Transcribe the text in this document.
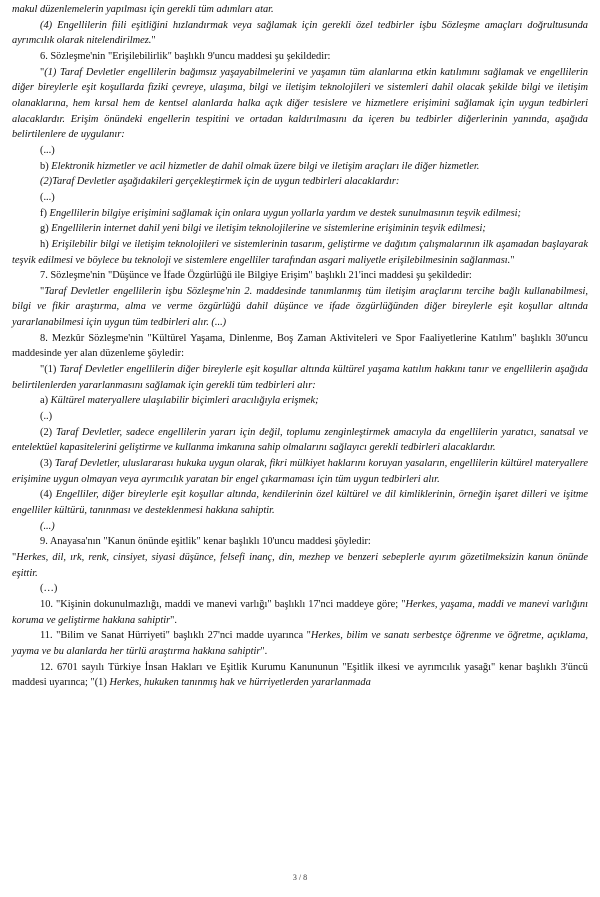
makul düzenlemelerin yapılması için gerekli tüm adımları atar.

(4) Engellilerin fiili eşitliğini hızlandırmak veya sağlamak için gerekli özel tedbirler işbu Sözleşme amaçları doğrultusunda ayrımcılık olarak nitelendirilmez."

6. Sözleşme'nin "Erişilebilirlik" başlıklı 9'uncu maddesi şu şekildedir:

"(1) Taraf Devletler engellilerin bağımsız yaşayabilmelerini ve yaşamın tüm alanlarına etkin katılımını sağlamak ve engellilerin diğer bireylerle eşit koşullarda fiziki çevreye, ulaşıma, bilgi ve iletişim teknolojileri ve sistemleri dahil olacak şekilde bilgi ve iletişim olanaklarına, hem kırsal hem de kentsel alanlarda halka açık diğer tesislere ve hizmetlere erişimini sağlamak için uygun tedbirleri alacaklardır. Erişim önündeki engellerin tespitini ve ortadan kaldırılmasını da içeren bu tedbirler diğerlerinin yanında, aşağıda belirtilenlere de uygulanır:

(...)

b) Elektronik hizmetler ve acil hizmetler de dahil olmak üzere bilgi ve iletişim araçları ile diğer hizmetler.

(2)Taraf Devletler aşağıdakileri gerçekleştirmek için de uygun tedbirleri alacaklardır:

(...)

f) Engellilerin bilgiye erişimini sağlamak için onlara uygun yollarla yardım ve destek sunulmasının teşvik edilmesi;

g) Engellilerin internet dahil yeni bilgi ve iletişim teknolojilerine ve sistemlerine erişiminin teşvik edilmesi;

h) Erişilebilir bilgi ve iletişim teknolojileri ve sistemlerinin tasarım, geliştirme ve dağıtım çalışmalarının ilk aşamadan başlayarak teşvik edilmesi ve böylece bu teknoloji ve sistemlere engelliler tarafından asgari maliyetle erişilebilmesinin sağlanması."

7. Sözleşme'nin "Düşünce ve İfade Özgürlüğü ile Bilgiye Erişim" başlıklı 21'inci maddesi şu şekildedir:

"Taraf Devletler engellilerin işbu Sözleşme'nin 2. maddesinde tanımlanmış tüm iletişim araçlarını tercihe bağlı kullanabilmesi, bilgi ve fikir araştırma, alma ve verme özgürlüğü dahil düşünce ve ifade özgürlüğünden diğer bireylerle eşit koşullar altında yararlanabilmesi için uygun tüm tedbirleri alır. (...)

8. Mezkûr Sözleşme'nin "Kültürel Yaşama, Dinlenme, Boş Zaman Aktiviteleri ve Spor Faaliyetlerine Katılım" başlıklı 30'uncu maddesinde yer alan düzenleme şöyledir:

"(1) Taraf Devletler engellilerin diğer bireylerle eşit koşullar altında kültürel yaşama katılım hakkını tanır ve engellilerin aşağıda belirtilenlerden yararlanmasını sağlamak için gerekli tüm tedbirleri alır:

a) Kültürel materyallere ulaşılabilir biçimleri aracılığıyla erişmek;

(..)

(2) Taraf Devletler, sadece engellilerin yararı için değil, toplumu zenginleştirmek amacıyla da engellilerin yaratıcı, sanatsal ve entelektüel kapasitelerini geliştirme ve kullanma imkanına sahip olmalarını sağlayıcı gerekli tedbirleri alacaklardır.

(3) Taraf Devletler, uluslararası hukuka uygun olarak, fikri mülkiyet haklarını koruyan yasaların, engellilerin kültürel materyallere erişimine uygun olmayan veya ayrımcılık yaratan bir engel çıkarmaması için tüm uygun tedbirleri alır.

(4) Engelliler, diğer bireylerle eşit koşullar altında, kendilerinin özel kültürel ve dil kimliklerinin, örneğin işaret dilleri ve işitme engelliler kültürü, tanınması ve desteklenmesi hakkına sahiptir.

(...)

9. Anayasa'nın "Kanun önünde eşitlik" kenar başlıklı 10'uncu maddesi şöyledir:

"Herkes, dil, ırk, renk, cinsiyet, siyasi düşünce, felsefi inanç, din, mezhep ve benzeri sebeplerle ayırım gözetilmeksizin kanun önünde eşittir.

(…)

10. "Kişinin dokunulmazlığı, maddi ve manevi varlığı" başlıklı 17'nci maddeye göre; "Herkes, yaşama, maddi ve manevi varlığını koruma ve geliştirme hakkına sahiptir".

11. "Bilim ve Sanat Hürriyeti" başlıklı 27'nci madde uyarınca "Herkes, bilim ve sanatı serbestçe öğrenme ve öğretme, açıklama, yayma ve bu alanlarda her türlü araştırma hakkına sahiptir".

12. 6701 sayılı Türkiye İnsan Hakları ve Eşitlik Kurumu Kanununun "Eşitlik ilkesi ve ayrımcılık yasağı" kenar başlıklı 3'üncü maddesi uyarınca; "(1) Herkes, hukuken tanınmış hak ve hürriyetlerden yararlanmada

3 / 8
